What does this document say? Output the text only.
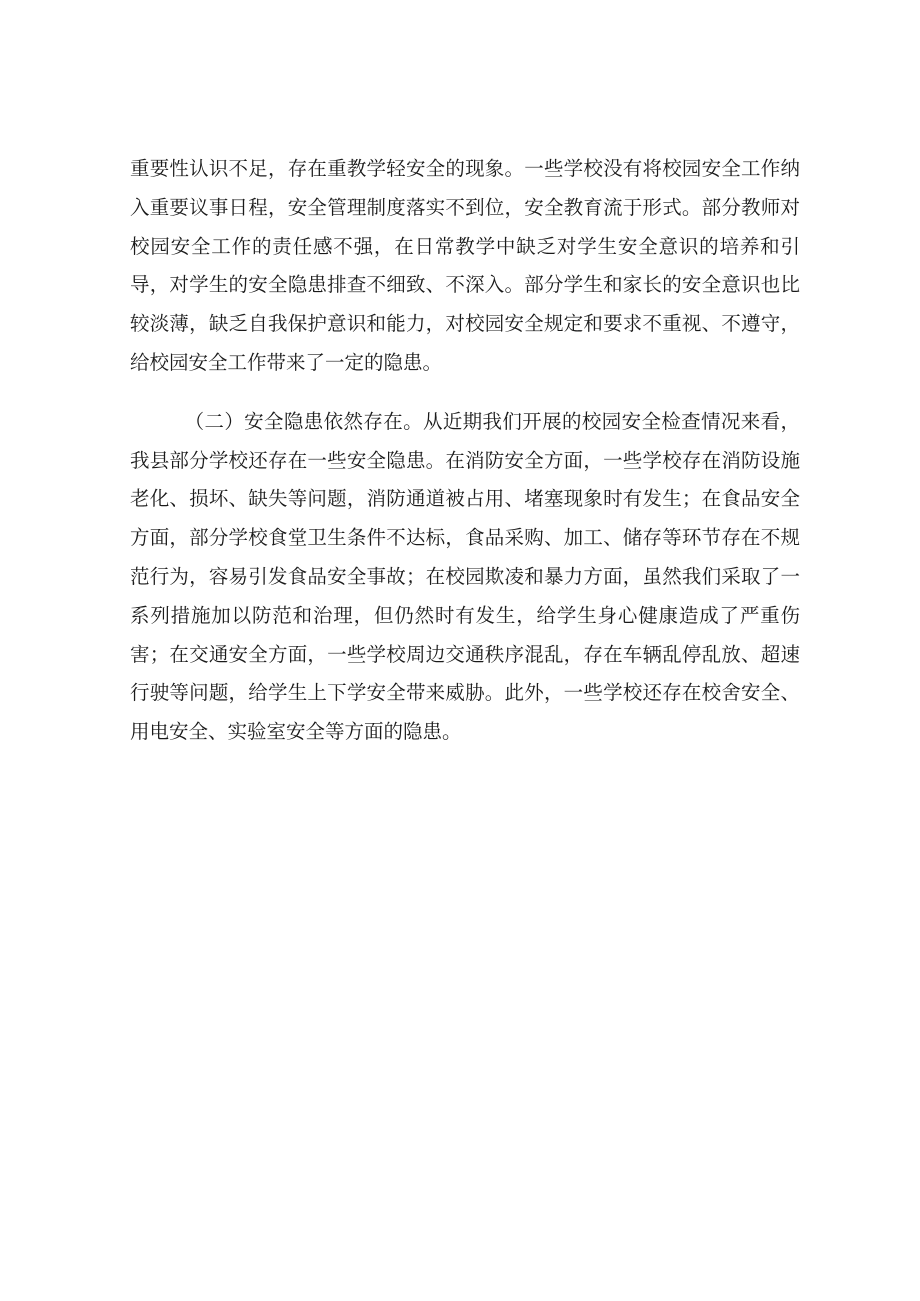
重要性认识不足，存在重教学轻安全的现象。一些学校没有将校园安全工作纳入重要议事日程，安全管理制度落实不到位，安全教育流于形式。部分教师对校园安全工作的责任感不强，在日常教学中缺乏对学生安全意识的培养和引导，对学生的安全隐患排查不细致、不深入。部分学生和家长的安全意识也比较淡薄，缺乏自我保护意识和能力，对校园安全规定和要求不重视、不遵守，给校园安全工作带来了一定的隐患。

（二）安全隐患依然存在。从近期我们开展的校园安全检查情况来看，我县部分学校还存在一些安全隐患。在消防安全方面，一些学校存在消防设施老化、损坏、缺失等问题，消防通道被占用、堵塞现象时有发生；在食品安全方面，部分学校食堂卫生条件不达标，食品采购、加工、储存等环节存在不规范行为，容易引发食品安全事故；在校园欺凌和暴力方面，虽然我们采取了一系列措施加以防范和治理，但仍然时有发生，给学生身心健康造成了严重伤害；在交通安全方面，一些学校周边交通秩序混乱，存在车辆乱停乱放、超速行驶等问题，给学生上下学安全带来威胁。此外，一些学校还存在校舍安全、用电安全、实验室安全等方面的隐患。
